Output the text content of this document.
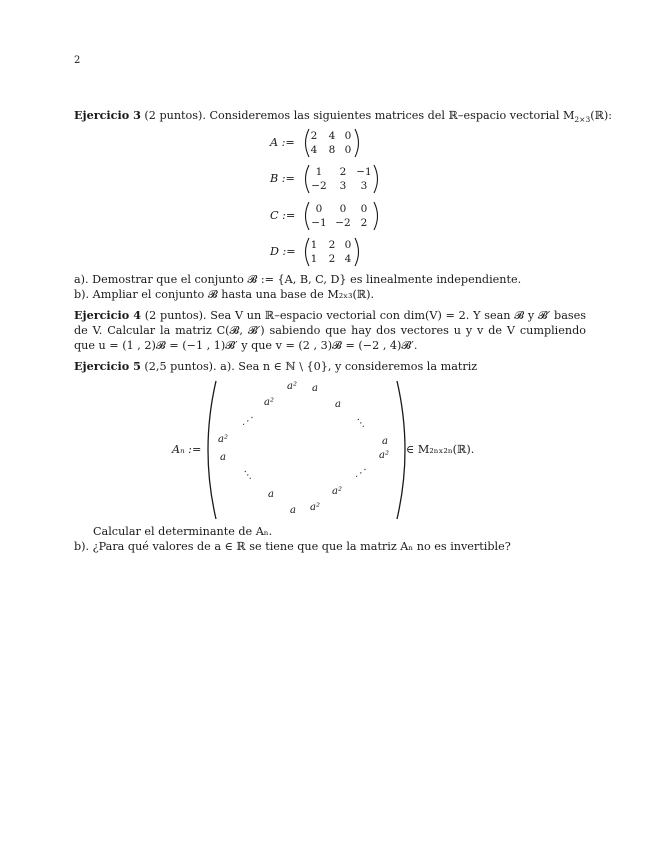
2
Ejercicio 3 (2 puntos). Consideremos las siguientes matrices del ℝ–espacio vectorial $M_{2\times 3}(ℝ)$:
A :=	2	4 0
4	8 0
B :=	1	2 −1
−2	3	3
C :=	0	0	0
−1 −2 2
D :=	1	2 0
1	2 4
a). Demostrar que el conjunto 𝓑 := {A, B, C, D} es linealmente independiente.
b). Ampliar el conjunto 𝓑 hasta una base de M₂ₓ₃(ℝ).
Ejercicio 4 (2 puntos). Sea V un ℝ–espacio vectorial con dim(V) = 2. Y sean 𝓑 y 𝓑′ bases de V. Calcular la matriz C(𝓑, 𝓑′) sabiendo que hay dos vectores u y v de V cumpliendo que u = (1 , 2)𝓑 = (−1 , 1)𝓑′ y que v = (2 , 3)𝓑 = (−2 , 4)𝓑′.
Ejercicio 5 (2,5 puntos). a). Sea n ∈ ℕ \ {0}, y consideremos la matriz
Aₙ :=
a² a
a²	a
⋰	⋱
a²	a
a	a²
⋱	⋰
a	a²
a a²
∈ M₂ₙₓ₂ₙ(ℝ).
Calcular el determinante de Aₙ.
b). ¿Para qué valores de a ∈ ℝ se tiene que que la matriz Aₙ no es invertible?
